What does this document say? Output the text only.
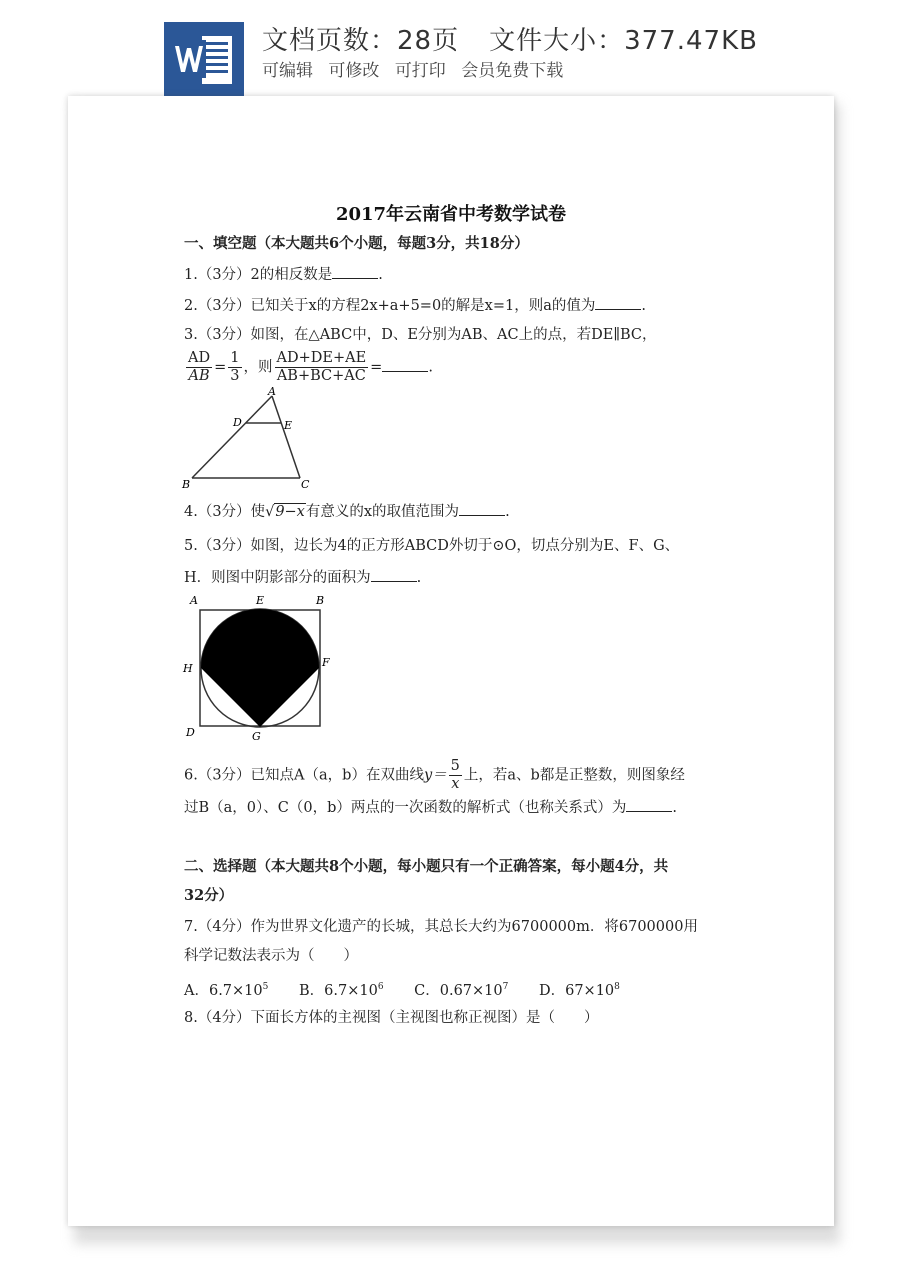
文档页数：28页 文件大小：377.47KB
可编辑 可修改 可打印 会员免费下载
2017年云南省中考数学试卷
一、填空题（本大题共6个小题，每题3分，共18分）
1.（3分）2的相反数是	.
2.（3分）已知关于x的方程2x+a+5=0的解是x=1，则a的值为	.
3.（3分）如图，在△ABC中，D、E分别为AB、AC上的点，若DE∥BC，
$\frac{AD}{AB} = \frac{1}{3}$ ，则 $\frac{AD+DE+AE}{AB+BC+AC}$ =	.
A
D	E
B	C
4.（3分）使√9−x有意义的x的取值范围为	.
5.（3分）如图，边长为4的正方形ABCD外切于⊙O，切点分别为E、F、G、
H．则图中阴影部分的面积为	.
A	E	B
H	F
D	G
6.（3分）已知点A（a，b）在双曲线$y= \frac{5}{x}$ 上，若a、b都是正整数，则图象经
过B（a，0）、C（0，b）两点的一次函数的解析式（也称关系式）为	.
二、选择题（本大题共8个小题，每小题只有一个正确答案，每小题4分，共
32分）
7.（4分）作为世界文化遗产的长城，其总长大约为6700000m．将6700000用
科学记数法表示为（　　）
A．$6.7\times 10^5$ B．$6.7\times 10^6$ C．$0.67\times 10^7$ D．$67\times 10^8$
8.（4分）下面长方体的主视图（主视图也称正视图）是（　　）
